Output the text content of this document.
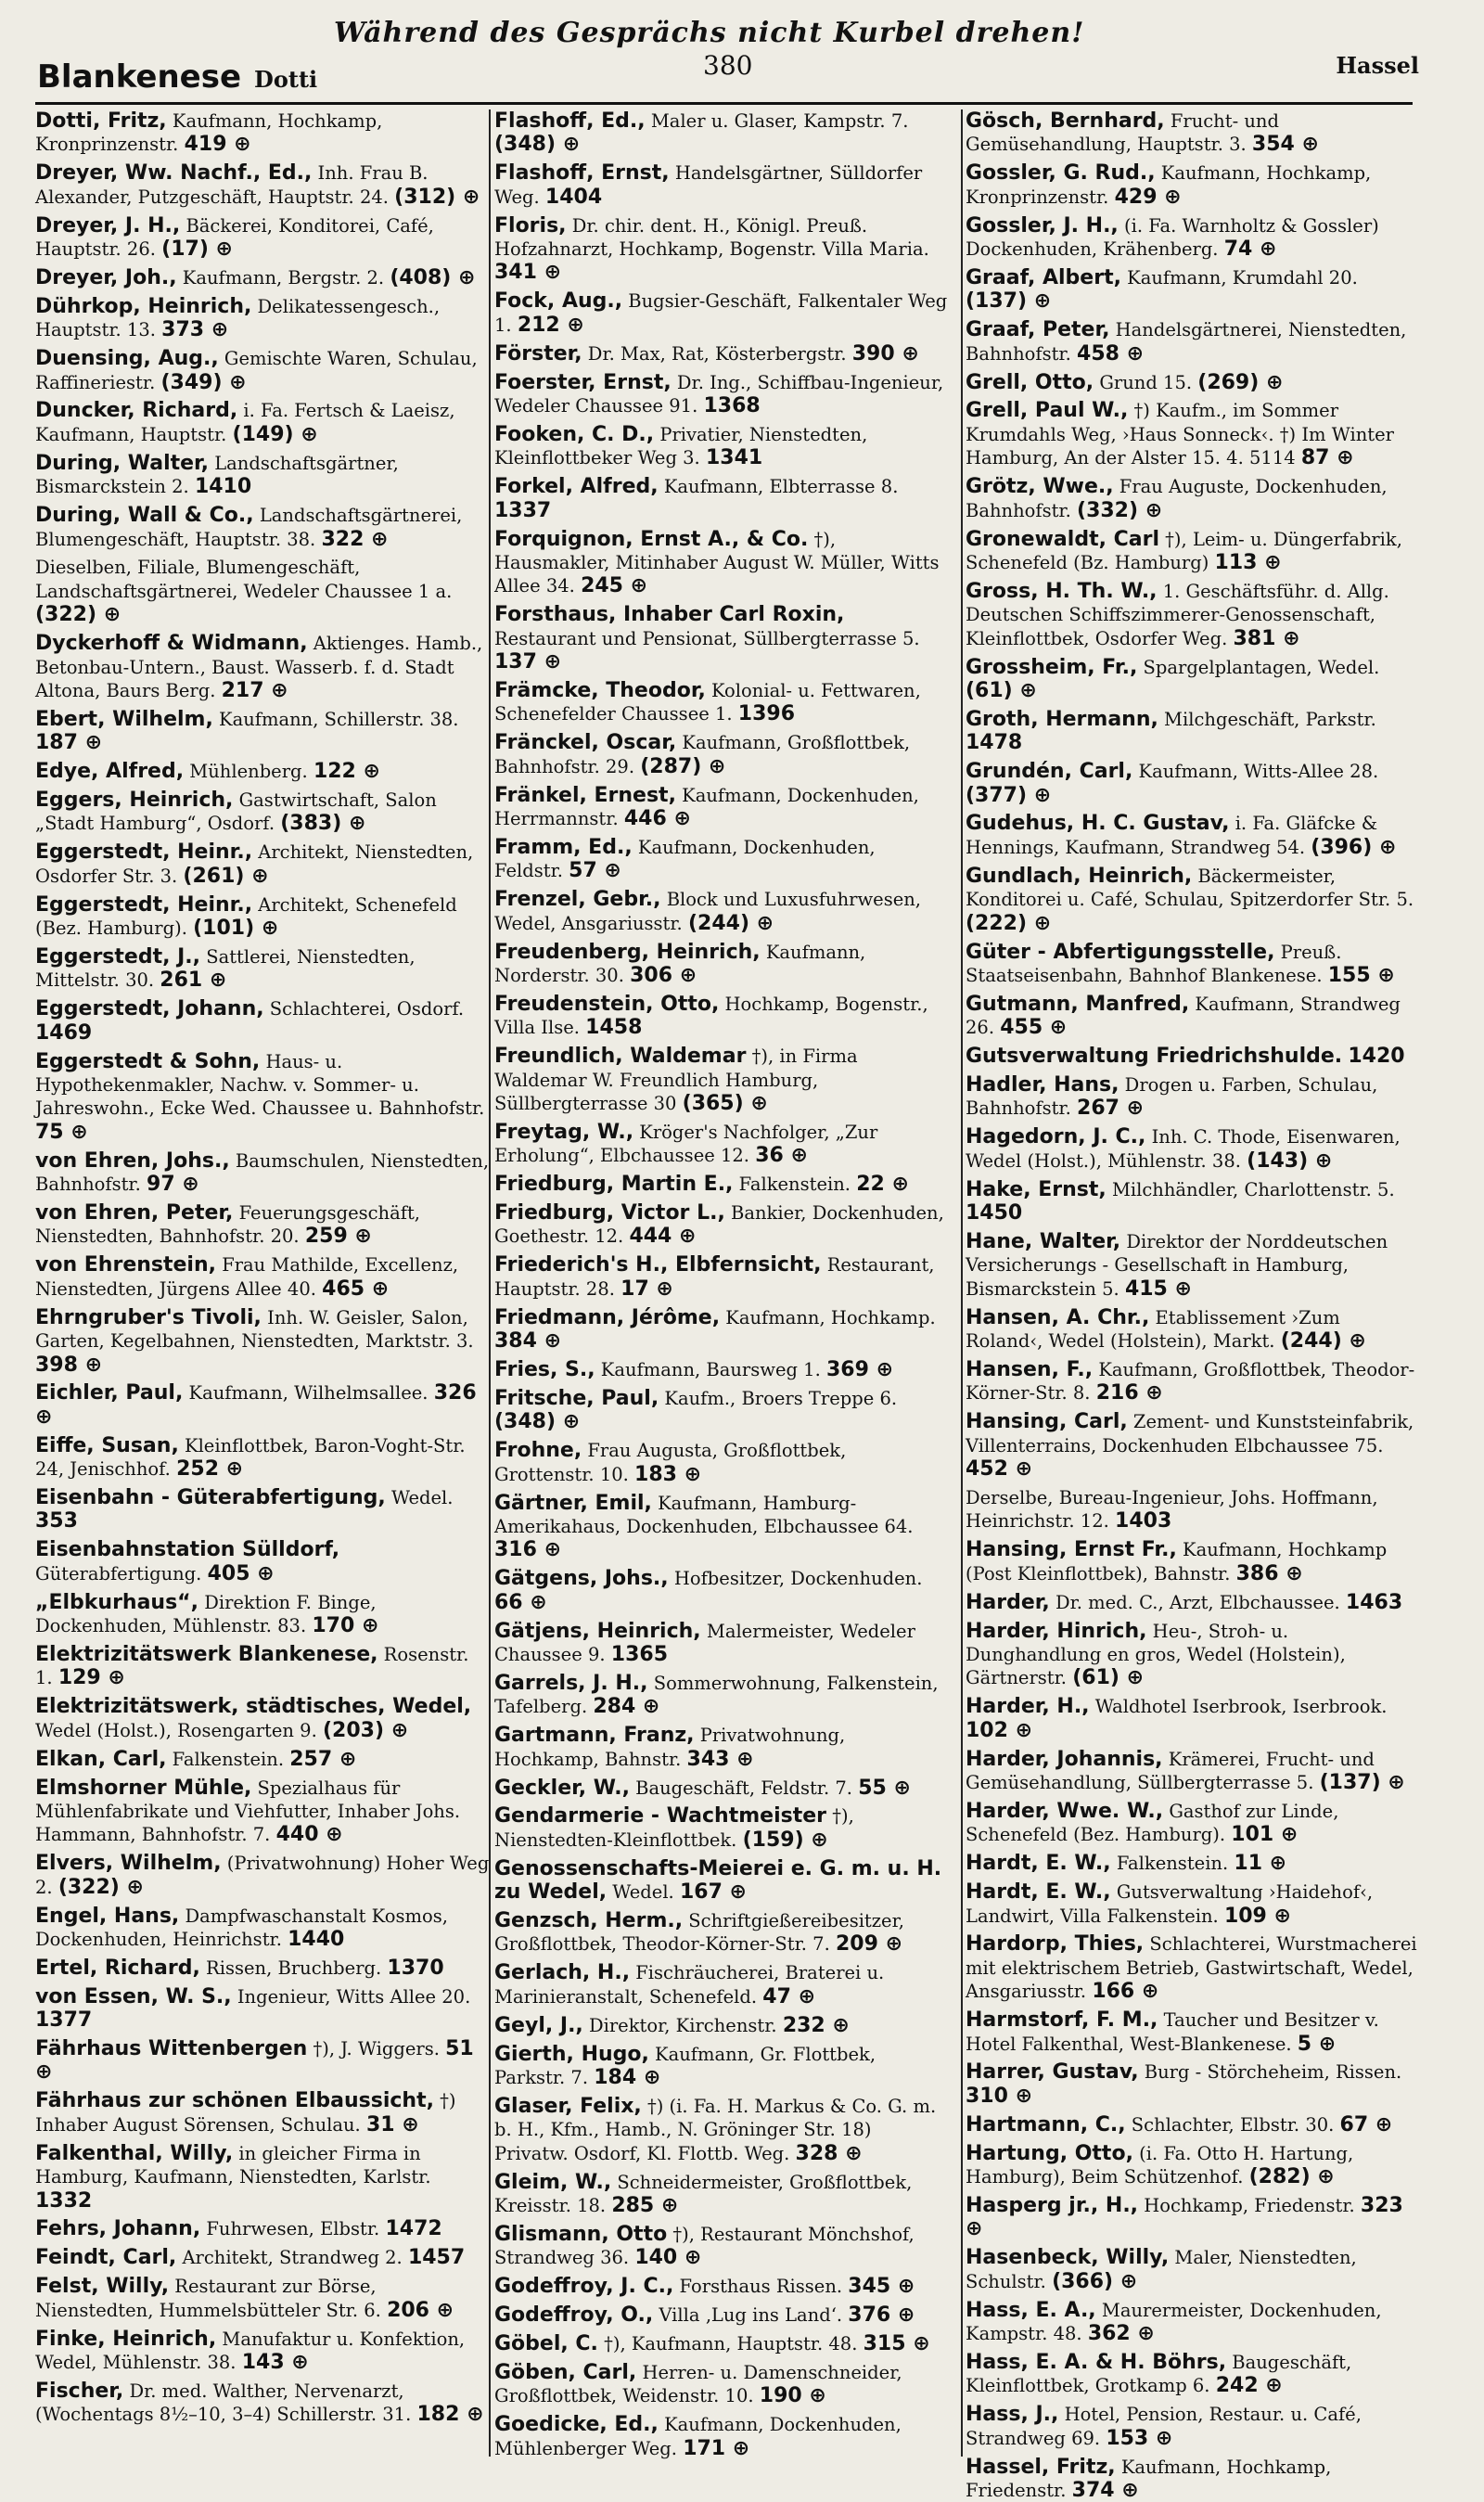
Während des Gesprächs nicht Kurbel drehen!
Blankenese Dotti	380	Hassel
Dotti, Fritz, Kaufmann, Hochkamp, Kronprinzenstr. 419 ⊕
Dreyer, Ww. Nachf., Ed., Inh. Frau B. Alexander, Putzgeschäft, Hauptstr. 24. (312) ⊕
Dreyer, J. H., Bäckerei, Konditorei, Café, Hauptstr. 26. (17) ⊕
Dreyer, Joh., Kaufmann, Bergstr. 2. (408) ⊕
Dührkop, Heinrich, Delikatessengesch., Hauptstr. 13. 373 ⊕
Duensing, Aug., Gemischte Waren, Schulau, Raffineriestr. (349) ⊕
Duncker, Richard, i. Fa. Fertsch & Laeisz, Kaufmann, Hauptstr. (149) ⊕
During, Walter, Landschaftsgärtner, Bismarckstein 2. 1410
During, Wall & Co., Landschaftsgärtnerei, Blumengeschäft, Hauptstr. 38. 322 ⊕
Dieselben, Filiale, Blumengeschäft, Landschaftsgärtnerei, Wedeler Chaussee 1 a. (322) ⊕
Dyckerhoff & Widmann, Aktienges. Hamb., Betonbau-Untern., Baust. Wasserb. f. d. Stadt Altona, Baurs Berg. 217 ⊕
Ebert, Wilhelm, Kaufmann, Schillerstr. 38. 187 ⊕
Edye, Alfred, Mühlenberg. 122 ⊕
Eggers, Heinrich, Gastwirtschaft, Salon „Stadt Hamburg“, Osdorf. (383) ⊕
Eggerstedt, Heinr., Architekt, Nienstedten, Osdorfer Str. 3. (261) ⊕
Eggerstedt, Heinr., Architekt, Schenefeld (Bez. Hamburg). (101) ⊕
Eggerstedt, J., Sattlerei, Nienstedten, Mittelstr. 30. 261 ⊕
Eggerstedt, Johann, Schlachterei, Osdorf. 1469
Eggerstedt & Sohn, Haus- u. Hypothekenmakler, Nachw. v. Sommer- u. Jahreswohn., Ecke Wed. Chaussee u. Bahnhofstr. 75 ⊕
von Ehren, Johs., Baumschulen, Nienstedten, Bahnhofstr. 97 ⊕
von Ehren, Peter, Feuerungsgeschäft, Nienstedten, Bahnhofstr. 20. 259 ⊕
von Ehrenstein, Frau Mathilde, Excellenz, Nienstedten, Jürgens Allee 40. 465 ⊕
Ehrngruber's Tivoli, Inh. W. Geisler, Salon, Garten, Kegelbahnen, Nienstedten, Marktstr. 3. 398 ⊕
Eichler, Paul, Kaufmann, Wilhelmsallee. 326 ⊕
Eiffe, Susan, Kleinflottbek, Baron-Voght-Str. 24, Jenischhof. 252 ⊕
Eisenbahn - Güterabfertigung, Wedel. 353
Eisenbahnstation Sülldorf, Güterabfertigung. 405 ⊕
„Elbkurhaus“, Direktion F. Binge, Dockenhuden, Mühlenstr. 83. 170 ⊕
Elektrizitätswerk Blankenese, Rosenstr. 1. 129 ⊕
Elektrizitätswerk, städtisches, Wedel, Wedel (Holst.), Rosengarten 9. (203) ⊕
Elkan, Carl, Falkenstein. 257 ⊕
Elmshorner Mühle, Spezialhaus für Mühlenfabrikate und Viehfutter, Inhaber Johs. Hammann, Bahnhofstr. 7. 440 ⊕
Elvers, Wilhelm, (Privatwohnung) Hoher Weg 2. (322) ⊕
Engel, Hans, Dampfwaschanstalt Kosmos, Dockenhuden, Heinrichstr. 1440
Ertel, Richard, Rissen, Bruchberg. 1370
von Essen, W. S., Ingenieur, Witts Allee 20. 1377
Fährhaus Wittenbergen †), J. Wiggers. 51 ⊕
Fährhaus zur schönen Elbaussicht, †) Inhaber August Sörensen, Schulau. 31 ⊕
Falkenthal, Willy, in gleicher Firma in Hamburg, Kaufmann, Nienstedten, Karlstr. 1332
Fehrs, Johann, Fuhrwesen, Elbstr. 1472
Feindt, Carl, Architekt, Strandweg 2. 1457
Felst, Willy, Restaurant zur Börse, Nienstedten, Hummelsbütteler Str. 6. 206 ⊕
Finke, Heinrich, Manufaktur u. Konfektion, Wedel, Mühlenstr. 38. 143 ⊕
Fischer, Dr. med. Walther, Nervenarzt, (Wochentags 8½–10, 3–4) Schillerstr. 31. 182 ⊕
Flashoff, Ed., Maler u. Glaser, Kampstr. 7. (348) ⊕
Flashoff, Ernst, Handelsgärtner, Sülldorfer Weg. 1404
Floris, Dr. chir. dent. H., Königl. Preuß. Hofzahnarzt, Hochkamp, Bogenstr. Villa Maria. 341 ⊕
Fock, Aug., Bugsier-Geschäft, Falkentaler Weg 1. 212 ⊕
Förster, Dr. Max, Rat, Kösterbergstr. 390 ⊕
Foerster, Ernst, Dr. Ing., Schiffbau-Ingenieur, Wedeler Chaussee 91. 1368
Fooken, C. D., Privatier, Nienstedten, Kleinflottbeker Weg 3. 1341
Forkel, Alfred, Kaufmann, Elbterrasse 8. 1337
Forquignon, Ernst A., & Co. †), Hausmakler, Mitinhaber August W. Müller, Witts Allee 34. 245 ⊕
Forsthaus, Inhaber Carl Roxin, Restaurant und Pensionat, Süllbergterrasse 5. 137 ⊕
Främcke, Theodor, Kolonial- u. Fettwaren, Schenefelder Chaussee 1. 1396
Fränckel, Oscar, Kaufmann, Großflottbek, Bahnhofstr. 29. (287) ⊕
Fränkel, Ernest, Kaufmann, Dockenhuden, Herrmannstr. 446 ⊕
Framm, Ed., Kaufmann, Dockenhuden, Feldstr. 57 ⊕
Frenzel, Gebr., Block und Luxusfuhrwesen, Wedel, Ansgariusstr. (244) ⊕
Freudenberg, Heinrich, Kaufmann, Norderstr. 30. 306 ⊕
Freudenstein, Otto, Hochkamp, Bogenstr., Villa Ilse. 1458
Freundlich, Waldemar †), in Firma Waldemar W. Freundlich Hamburg, Süllbergterrasse 30 (365) ⊕
Freytag, W., Kröger's Nachfolger, „Zur Erholung“, Elbchaussee 12. 36 ⊕
Friedburg, Martin E., Falkenstein. 22 ⊕
Friedburg, Victor L., Bankier, Dockenhuden, Goethestr. 12. 444 ⊕
Friederich's H., Elbfernsicht, Restaurant, Hauptstr. 28. 17 ⊕
Friedmann, Jérôme, Kaufmann, Hochkamp. 384 ⊕
Fries, S., Kaufmann, Baursweg 1. 369 ⊕
Fritsche, Paul, Kaufm., Broers Treppe 6. (348) ⊕
Frohne, Frau Augusta, Großflottbek, Grottenstr. 10. 183 ⊕
Gärtner, Emil, Kaufmann, Hamburg-Amerikahaus, Dockenhuden, Elbchaussee 64. 316 ⊕
Gätgens, Johs., Hofbesitzer, Dockenhuden. 66 ⊕
Gätjens, Heinrich, Malermeister, Wedeler Chaussee 9. 1365
Garrels, J. H., Sommerwohnung, Falkenstein, Tafelberg. 284 ⊕
Gartmann, Franz, Privatwohnung, Hochkamp, Bahnstr. 343 ⊕
Geckler, W., Baugeschäft, Feldstr. 7. 55 ⊕
Gendarmerie - Wachtmeister †), Nienstedten-Kleinflottbek. (159) ⊕
Genossenschafts-Meierei e. G. m. u. H. zu Wedel, Wedel. 167 ⊕
Genzsch, Herm., Schriftgießereibesitzer, Großflottbek, Theodor-Körner-Str. 7. 209 ⊕
Gerlach, H., Fischräucherei, Braterei u. Marinieranstalt, Schenefeld. 47 ⊕
Geyl, J., Direktor, Kirchenstr. 232 ⊕
Gierth, Hugo, Kaufmann, Gr. Flottbek, Parkstr. 7. 184 ⊕
Glaser, Felix, †) (i. Fa. H. Markus & Co. G. m. b. H., Kfm., Hamb., N. Gröninger Str. 18) Privatw. Osdorf, Kl. Flottb. Weg. 328 ⊕
Gleim, W., Schneidermeister, Großflottbek, Kreisstr. 18. 285 ⊕
Glismann, Otto †), Restaurant Mönchshof, Strandweg 36. 140 ⊕
Godeffroy, J. C., Forsthaus Rissen. 345 ⊕
Godeffroy, O., Villa ‚Lug ins Land‘. 376 ⊕
Göbel, C. †), Kaufmann, Hauptstr. 48. 315 ⊕
Göben, Carl, Herren- u. Damenschneider, Großflottbek, Weidenstr. 10. 190 ⊕
Goedicke, Ed., Kaufmann, Dockenhuden, Mühlenberger Weg. 171 ⊕
Gösch, Bernhard, Frucht- und Gemüsehandlung, Hauptstr. 3. 354 ⊕
Gossler, G. Rud., Kaufmann, Hochkamp, Kronprinzenstr. 429 ⊕
Gossler, J. H., (i. Fa. Warnholtz & Gossler) Dockenhuden, Krähenberg. 74 ⊕
Graaf, Albert, Kaufmann, Krumdahl 20. (137) ⊕
Graaf, Peter, Handelsgärtnerei, Nienstedten, Bahnhofstr. 458 ⊕
Grell, Otto, Grund 15. (269) ⊕
Grell, Paul W., †) Kaufm., im Sommer Krumdahls Weg, ›Haus Sonneck‹. †) Im Winter Hamburg, An der Alster 15. 4. 5114 87 ⊕
Grötz, Wwe., Frau Auguste, Dockenhuden, Bahnhofstr. (332) ⊕
Gronewaldt, Carl †), Leim- u. Düngerfabrik, Schenefeld (Bz. Hamburg) 113 ⊕
Gross, H. Th. W., 1. Geschäftsführ. d. Allg. Deutschen Schiffszimmerer-Genossenschaft, Kleinflottbek, Osdorfer Weg. 381 ⊕
Grossheim, Fr., Spargelplantagen, Wedel. (61) ⊕
Groth, Hermann, Milchgeschäft, Parkstr. 1478
Grundén, Carl, Kaufmann, Witts-Allee 28. (377) ⊕
Gudehus, H. C. Gustav, i. Fa. Gläfcke & Hennings, Kaufmann, Strandweg 54. (396) ⊕
Gundlach, Heinrich, Bäckermeister, Konditorei u. Café, Schulau, Spitzerdorfer Str. 5. (222) ⊕
Güter - Abfertigungsstelle, Preuß. Staatseisenbahn, Bahnhof Blankenese. 155 ⊕
Gutmann, Manfred, Kaufmann, Strandweg 26. 455 ⊕
Gutsverwaltung Friedrichshulde. 1420
Hadler, Hans, Drogen u. Farben, Schulau, Bahnhofstr. 267 ⊕
Hagedorn, J. C., Inh. C. Thode, Eisenwaren, Wedel (Holst.), Mühlenstr. 38. (143) ⊕
Hake, Ernst, Milchhändler, Charlottenstr. 5. 1450
Hane, Walter, Direktor der Norddeutschen Versicherungs - Gesellschaft in Hamburg, Bismarckstein 5. 415 ⊕
Hansen, A. Chr., Etablissement ›Zum Roland‹, Wedel (Holstein), Markt. (244) ⊕
Hansen, F., Kaufmann, Großflottbek, Theodor-Körner-Str. 8. 216 ⊕
Hansing, Carl, Zement- und Kunststeinfabrik, Villenterrains, Dockenhuden Elbchaussee 75. 452 ⊕
Derselbe, Bureau-Ingenieur, Johs. Hoffmann, Heinrichstr. 12. 1403
Hansing, Ernst Fr., Kaufmann, Hochkamp (Post Kleinflottbek), Bahnstr. 386 ⊕
Harder, Dr. med. C., Arzt, Elbchaussee. 1463
Harder, Hinrich, Heu-, Stroh- u. Dunghandlung en gros, Wedel (Holstein), Gärtnerstr. (61) ⊕
Harder, H., Waldhotel Iserbrook, Iserbrook. 102 ⊕
Harder, Johannis, Krämerei, Frucht- und Gemüsehandlung, Süllbergterrasse 5. (137) ⊕
Harder, Wwe. W., Gasthof zur Linde, Schenefeld (Bez. Hamburg). 101 ⊕
Hardt, E. W., Falkenstein. 11 ⊕
Hardt, E. W., Gutsverwaltung ›Haidehof‹, Landwirt, Villa Falkenstein. 109 ⊕
Hardorp, Thies, Schlachterei, Wurstmacherei mit elektrischem Betrieb, Gastwirtschaft, Wedel, Ansgariusstr. 166 ⊕
Harmstorf, F. M., Taucher und Besitzer v. Hotel Falkenthal, West-Blankenese. 5 ⊕
Harrer, Gustav, Burg - Störcheheim, Rissen. 310 ⊕
Hartmann, C., Schlachter, Elbstr. 30. 67 ⊕
Hartung, Otto, (i. Fa. Otto H. Hartung, Hamburg), Beim Schützenhof. (282) ⊕
Hasperg jr., H., Hochkamp, Friedenstr. 323 ⊕
Hasenbeck, Willy, Maler, Nienstedten, Schulstr. (366) ⊕
Hass, E. A., Maurermeister, Dockenhuden, Kampstr. 48. 362 ⊕
Hass, E. A. & H. Böhrs, Baugeschäft, Kleinflottbek, Grotkamp 6. 242 ⊕
Hass, J., Hotel, Pension, Restaur. u. Café, Strandweg 69. 153 ⊕
Hassel, Fritz, Kaufmann, Hochkamp, Friedenstr. 374 ⊕
